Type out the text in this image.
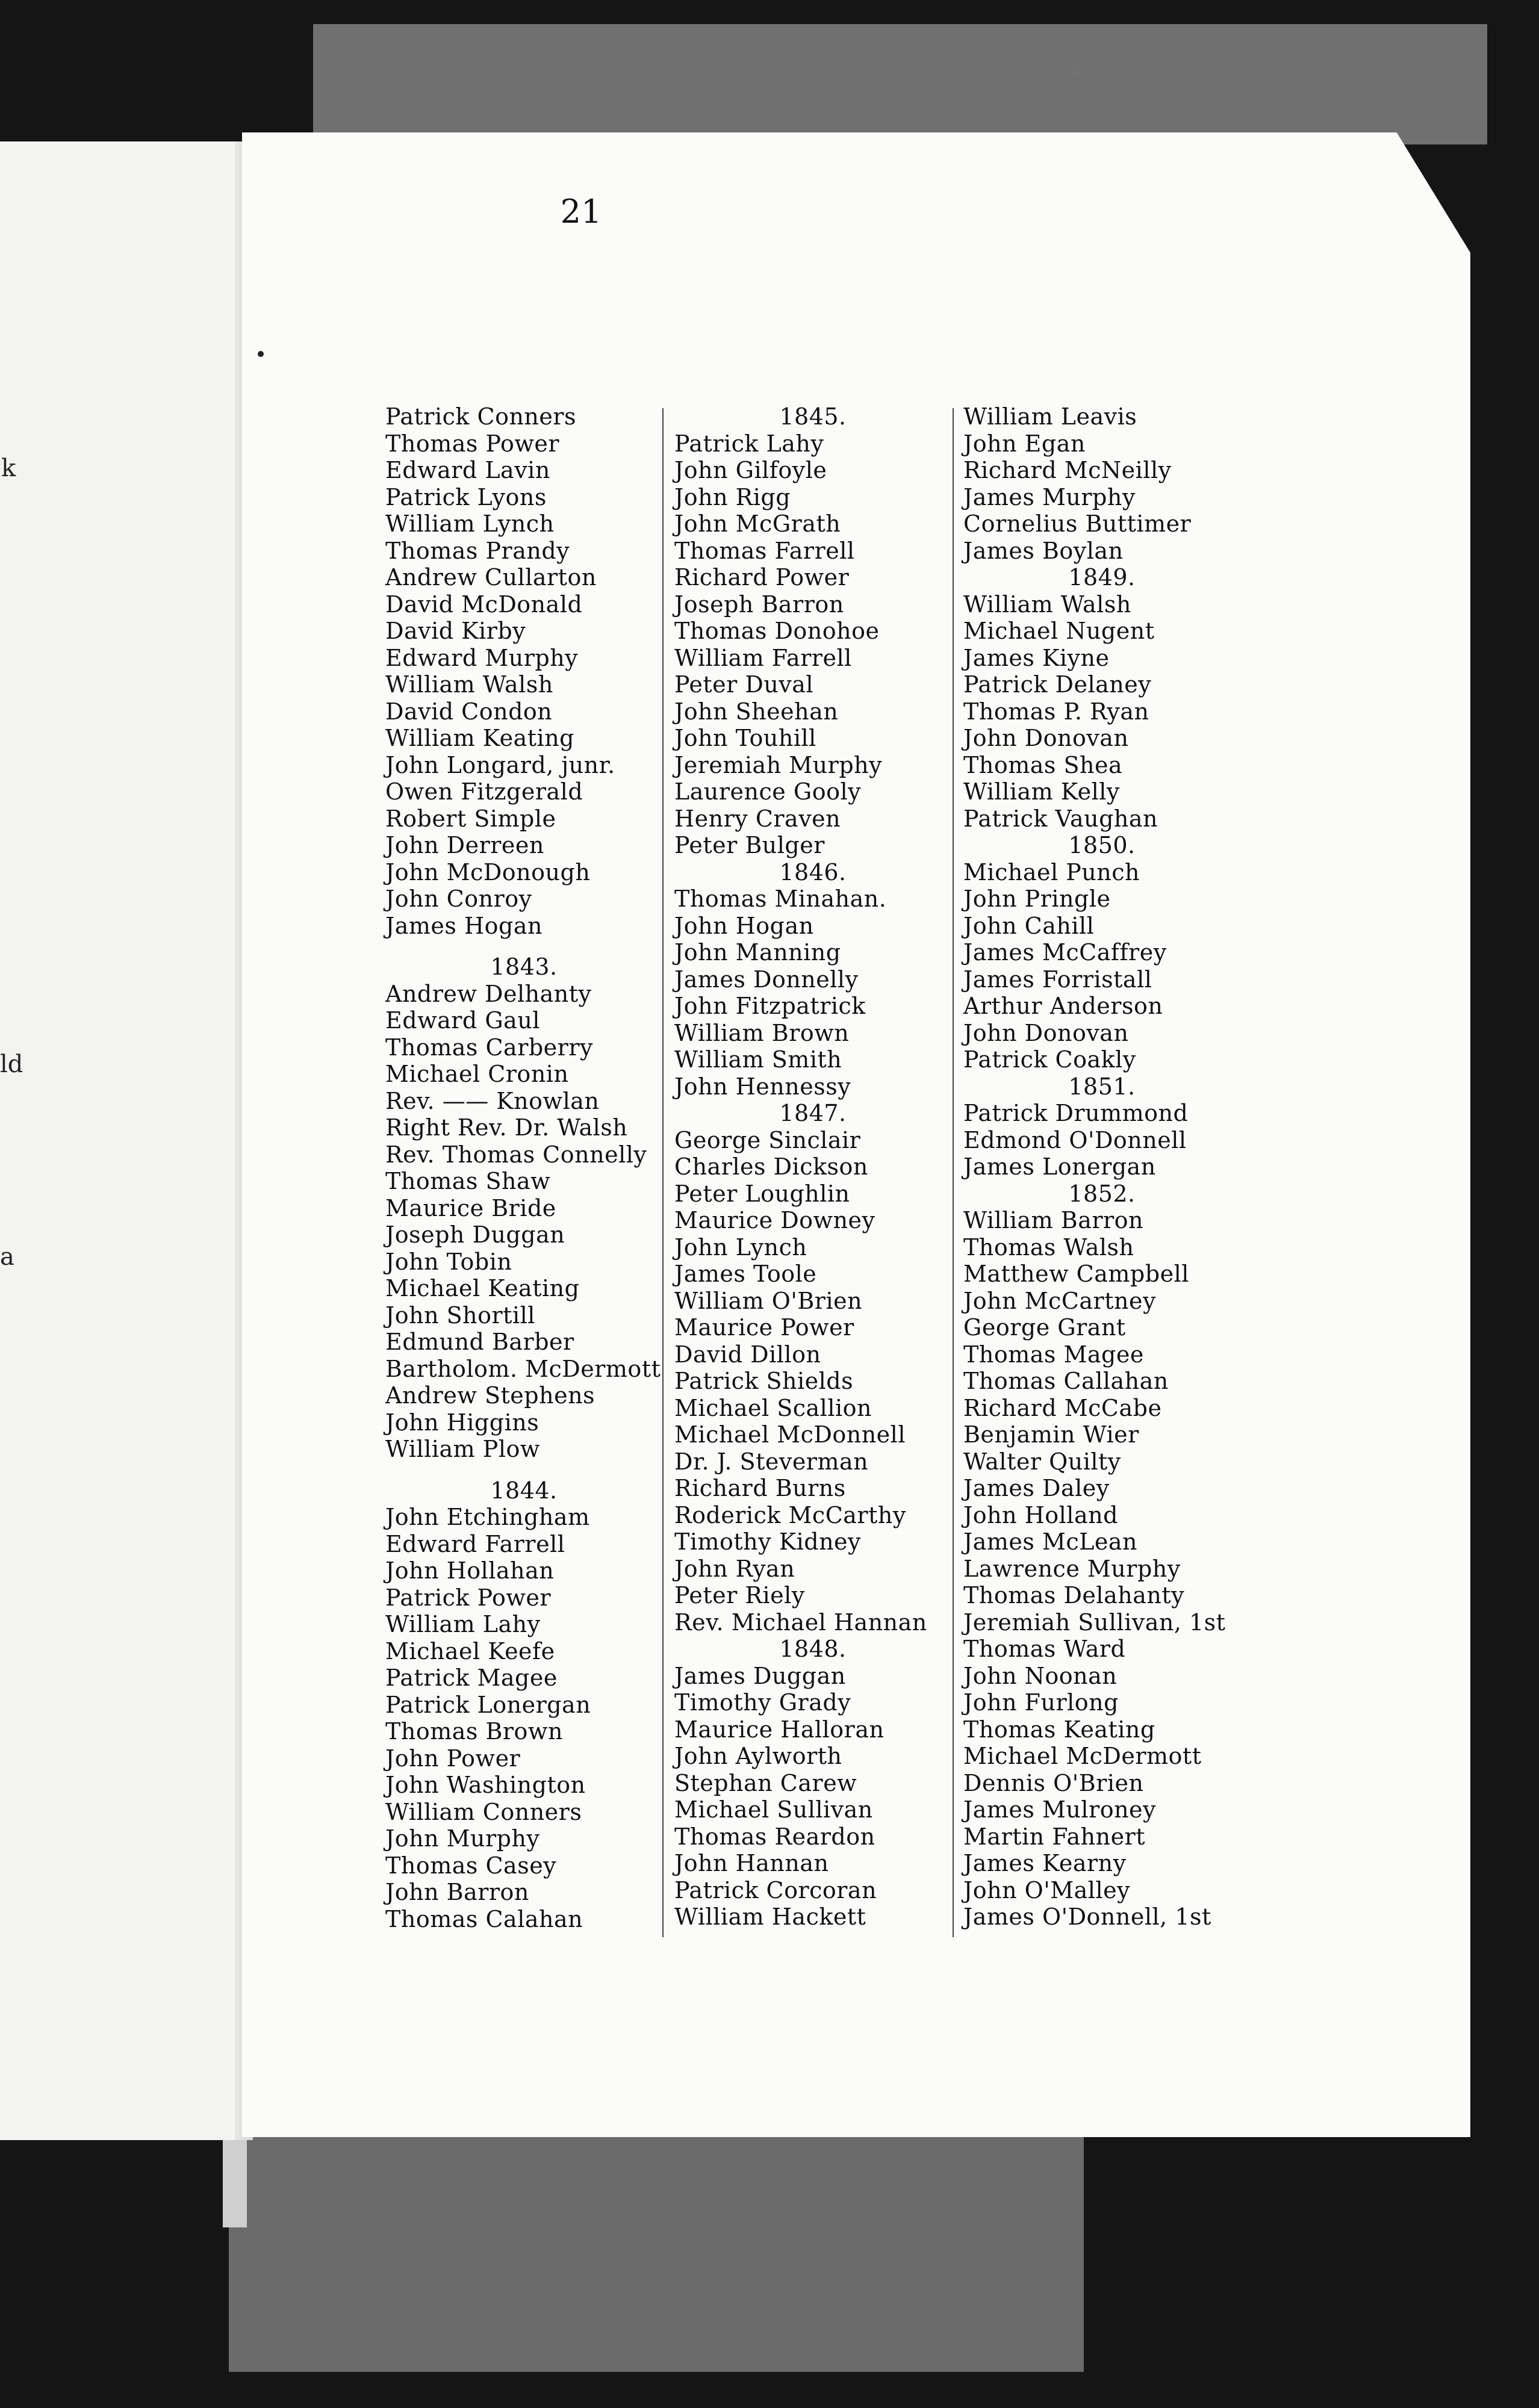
k
ld
a
21
Patrick Conners
Thomas Power
Edward Lavin
Patrick Lyons
William Lynch
Thomas Prandy
Andrew Cullarton
David McDonald
David Kirby
Edward Murphy
William Walsh
David Condon
William Keating
John Longard, junr.
Owen Fitzgerald
Robert Simple
John Derreen
John McDonough
John Conroy
James Hogan
1843.
Andrew Delhanty
Edward Gaul
Thomas Carberry
Michael Cronin
Rev. —— Knowlan
Right Rev. Dr. Walsh
Rev. Thomas Connelly
Thomas Shaw
Maurice Bride
Joseph Duggan
John Tobin
Michael Keating
John Shortill
Edmund Barber
Bartholom. McDermott
Andrew Stephens
John Higgins
William Plow
1844.
John Etchingham
Edward Farrell
John Hollahan
Patrick Power
William Lahy
Michael Keefe
Patrick Magee
Patrick Lonergan
Thomas Brown
John Power
John Washington
William Conners
John Murphy
Thomas Casey
John Barron
Thomas Calahan
1845.
Patrick Lahy
John Gilfoyle
John Rigg
John McGrath
Thomas Farrell
Richard Power
Joseph Barron
Thomas Donohoe
William Farrell
Peter Duval
John Sheehan
John Touhill
Jeremiah Murphy
Laurence Gooly
Henry Craven
Peter Bulger
1846.
Thomas Minahan.
John Hogan
John Manning
James Donnelly
John Fitzpatrick
William Brown
William Smith
John Hennessy
1847.
George Sinclair
Charles Dickson
Peter Loughlin
Maurice Downey
John Lynch
James Toole
William O'Brien
Maurice Power
David Dillon
Patrick Shields
Michael Scallion
Michael McDonnell
Dr. J. Steverman
Richard Burns
Roderick McCarthy
Timothy Kidney
John Ryan
Peter Riely
Rev. Michael Hannan
1848.
James Duggan
Timothy Grady
Maurice Halloran
John Aylworth
Stephan Carew
Michael Sullivan
Thomas Reardon
John Hannan
Patrick Corcoran
William Hackett
William Leavis
John Egan
Richard McNeilly
James Murphy
Cornelius Buttimer
James Boylan
1849.
William Walsh
Michael Nugent
James Kiyne
Patrick Delaney
Thomas P. Ryan
John Donovan
Thomas Shea
William Kelly
Patrick Vaughan
1850.
Michael Punch
John Pringle
John Cahill
James McCaffrey
James Forristall
Arthur Anderson
John Donovan
Patrick Coakly
1851.
Patrick Drummond
Edmond O'Donnell
James Lonergan
1852.
William Barron
Thomas Walsh
Matthew Campbell
John McCartney
George Grant
Thomas Magee
Thomas Callahan
Richard McCabe
Benjamin Wier
Walter Quilty
James Daley
John Holland
James McLean
Lawrence Murphy
Thomas Delahanty
Jeremiah Sullivan, 1st
Thomas Ward
John Noonan
John Furlong
Thomas Keating
Michael McDermott
Dennis O'Brien
James Mulroney
Martin Fahnert
James Kearny
John O'Malley
James O'Donnell, 1st
